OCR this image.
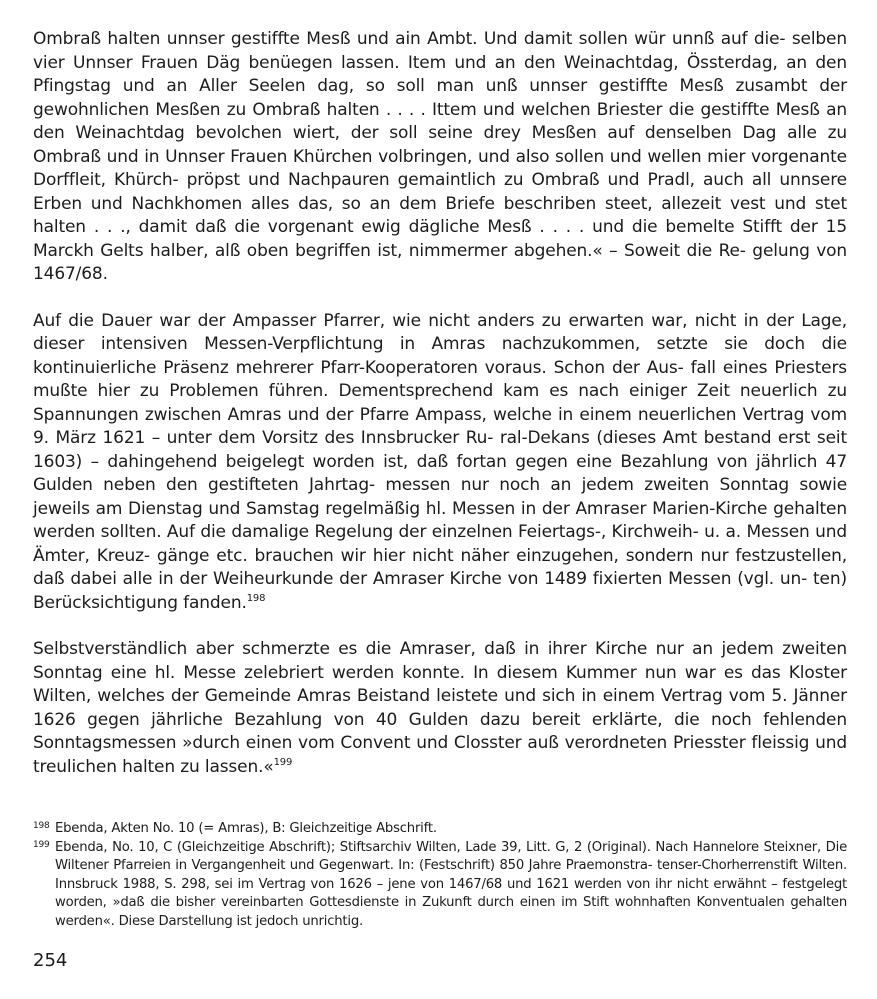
Ombraß halten unnser gestiffte Mesß und ain Ambt. Und damit sollen wür unnß auf die- selben vier Unnser Frauen Däg benüegen lassen. Item und an den Weinachtdag, Össterdag, an den Pfingstag und an Aller Seelen dag, so soll man unß unnser gestiffte Mesß zusambt der gewohnlichen Mesßen zu Ombraß halten . . . . Ittem und welchen Briester die gestiffte Mesß an den Weinachtdag bevolchen wiert, der soll seine drey Mesßen auf denselben Dag alle zu Ombraß und in Unnser Frauen Khürchen volbringen, und also sollen und wellen mier vorgenante Dorffleit, Khürch- pröpst und Nachpauren gemaintlich zu Ombraß und Pradl, auch all unnsere Erben und Nachkhomen alles das, so an dem Briefe beschriben steet, allezeit vest und stet halten . . ., damit daß die vorgenant ewig dägliche Mesß . . . . und die bemelte Stifft der 15 Marckh Gelts halber, alß oben begriffen ist, nimmermer abgehen.« – Soweit die Re- gelung von 1467/68.

Auf die Dauer war der Ampasser Pfarrer, wie nicht anders zu erwarten war, nicht in der Lage, dieser intensiven Messen-Verpflichtung in Amras nachzukommen, setzte sie doch die kontinuierliche Präsenz mehrerer Pfarr-Kooperatoren voraus. Schon der Aus- fall eines Priesters mußte hier zu Problemen führen. Dementsprechend kam es nach einiger Zeit neuerlich zu Spannungen zwischen Amras und der Pfarre Ampass, welche in einem neuerlichen Vertrag vom 9. März 1621 – unter dem Vorsitz des Innsbrucker Ru- ral-Dekans (dieses Amt bestand erst seit 1603) – dahingehend beigelegt worden ist, daß fortan gegen eine Bezahlung von jährlich 47 Gulden neben den gestifteten Jahrtag- messen nur noch an jedem zweiten Sonntag sowie jeweils am Dienstag und Samstag regelmäßig hl. Messen in der Amraser Marien-Kirche gehalten werden sollten. Auf die damalige Regelung der einzelnen Feiertags-, Kirchweih- u. a. Messen und Ämter, Kreuz- gänge etc. brauchen wir hier nicht näher einzugehen, sondern nur festzustellen, daß dabei alle in der Weiheurkunde der Amraser Kirche von 1489 fixierten Messen (vgl. un- ten) Berücksichtigung fanden.$^{198}$

Selbstverständlich aber schmerzte es die Amraser, daß in ihrer Kirche nur an jedem zweiten Sonntag eine hl. Messe zelebriert werden konnte. In diesem Kummer nun war es das Kloster Wilten, welches der Gemeinde Amras Beistand leistete und sich in einem Vertrag vom 5. Jänner 1626 gegen jährliche Bezahlung von 40 Gulden dazu bereit erklärte, die noch fehlenden Sonntagsmessen »durch einen vom Convent und Closster auß verordneten Priesster fleissig und treulichen halten zu lassen.«$^{199}$

198 Ebenda, Akten No. 10 (= Amras), B: Gleichzeitige Abschrift.
199 Ebenda, No. 10, C (Gleichzeitige Abschrift); Stiftsarchiv Wilten, Lade 39, Litt. G, 2 (Original). Nach Hannelore Steixner, Die Wiltener Pfarreien in Vergangenheit und Gegenwart. In: (Festschrift) 850 Jahre Praemonstra- tenser-Chorherrenstift Wilten. Innsbruck 1988, S. 298, sei im Vertrag von 1626 – jene von 1467/68 und 1621 werden von ihr nicht erwähnt – festgelegt worden, »daß die bisher vereinbarten Gottesdienste in Zukunft durch einen im Stift wohnhaften Konventualen gehalten werden«. Diese Darstellung ist jedoch unrichtig.
254
